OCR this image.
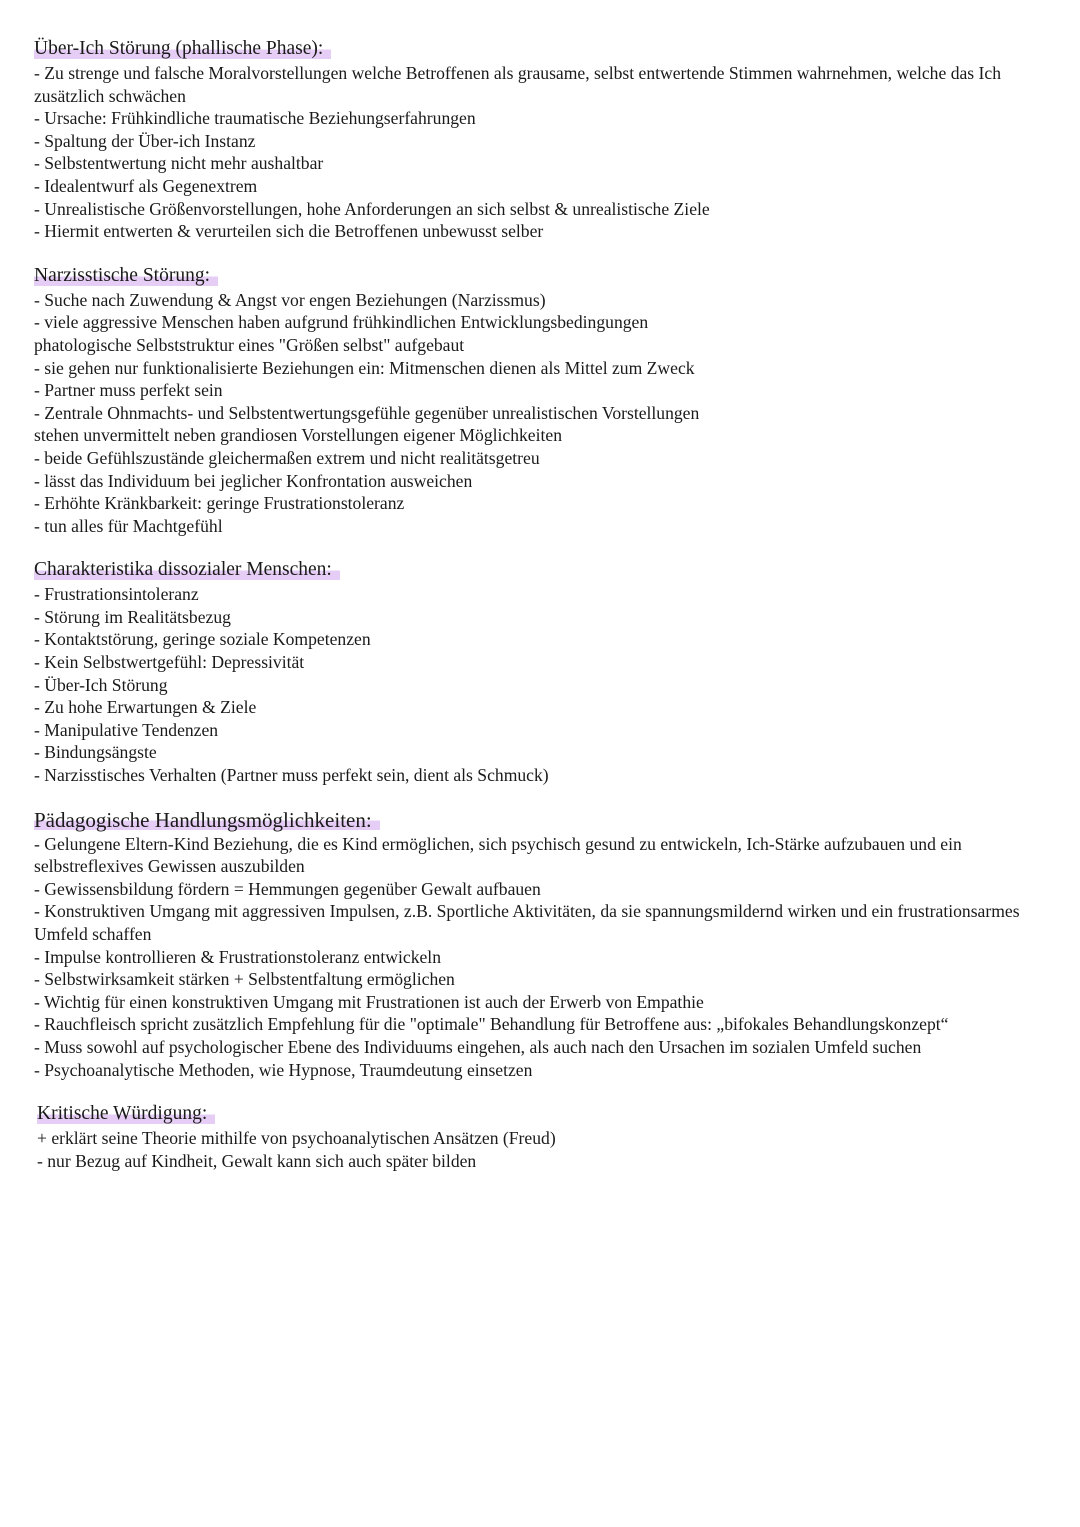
Über-Ich Störung (phallische Phase):

- Zu strenge und falsche Moralvorstellungen welche Betroffenen als grausame, selbst entwertende Stimmen wahrnehmen, welche das Ich zusätzlich schwächen

- Ursache: Frühkindliche traumatische Beziehungserfahrungen

- Spaltung der Über-ich Instanz

- Selbstentwertung nicht mehr aushaltbar

- Idealentwurf als Gegenextrem

- Unrealistische Größenvorstellungen, hohe Anforderungen an sich selbst & unrealistische Ziele

- Hiermit entwerten & verurteilen sich die Betroffenen unbewusst selber

Narzisstische Störung:

- Suche nach Zuwendung & Angst vor engen Beziehungen (Narzissmus)

- viele aggressive Menschen haben aufgrund frühkindlichen Entwicklungsbedingungen

phatologische Selbststruktur eines "Größen selbst" aufgebaut

- sie gehen nur funktionalisierte Beziehungen ein: Mitmenschen dienen als Mittel zum Zweck

- Partner muss perfekt sein

- Zentrale Ohnmachts- und Selbstentwertungsgefühle gegenüber unrealistischen Vorstellungen

stehen unvermittelt neben grandiosen Vorstellungen eigener Möglichkeiten

- beide Gefühlszustände gleichermaßen extrem und nicht realitätsgetreu

- lässt das Individuum bei jeglicher Konfrontation ausweichen

- Erhöhte Kränkbarkeit: geringe Frustrationstoleranz

- tun alles für Machtgefühl

Charakteristika dissozialer Menschen:

- Frustrationsintoleranz

- Störung im Realitätsbezug

- Kontaktstörung, geringe soziale Kompetenzen

- Kein Selbstwertgefühl: Depressivität

- Über-Ich Störung

- Zu hohe Erwartungen & Ziele

- Manipulative Tendenzen

- Bindungsängste

- Narzisstisches Verhalten (Partner muss perfekt sein, dient als Schmuck)

Pädagogische Handlungsmöglichkeiten:

- Gelungene Eltern-Kind Beziehung, die es Kind ermöglichen, sich psychisch gesund zu entwickeln, Ich-Stärke aufzubauen und ein selbstreflexives Gewissen auszubilden

- Gewissensbildung fördern = Hemmungen gegenüber Gewalt aufbauen

- Konstruktiven Umgang mit aggressiven Impulsen, z.B. Sportliche Aktivitäten, da sie spannungsmildernd wirken und ein frustrationsarmes Umfeld schaffen

- Impulse kontrollieren & Frustrationstoleranz entwickeln

- Selbstwirksamkeit stärken + Selbstentfaltung ermöglichen

- Wichtig für einen konstruktiven Umgang mit Frustrationen ist auch der Erwerb von Empathie

- Rauchfleisch spricht zusätzlich Empfehlung für die "optimale" Behandlung für Betroffene aus: „bifokales Behandlungskonzept“

- Muss sowohl auf psychologischer Ebene des Individuums eingehen, als auch nach den Ursachen im sozialen Umfeld suchen

- Psychoanalytische Methoden, wie Hypnose, Traumdeutung einsetzen

Kritische Würdigung:

+ erklärt seine Theorie mithilfe von psychoanalytischen Ansätzen (Freud)

- nur Bezug auf Kindheit, Gewalt kann sich auch später bilden
